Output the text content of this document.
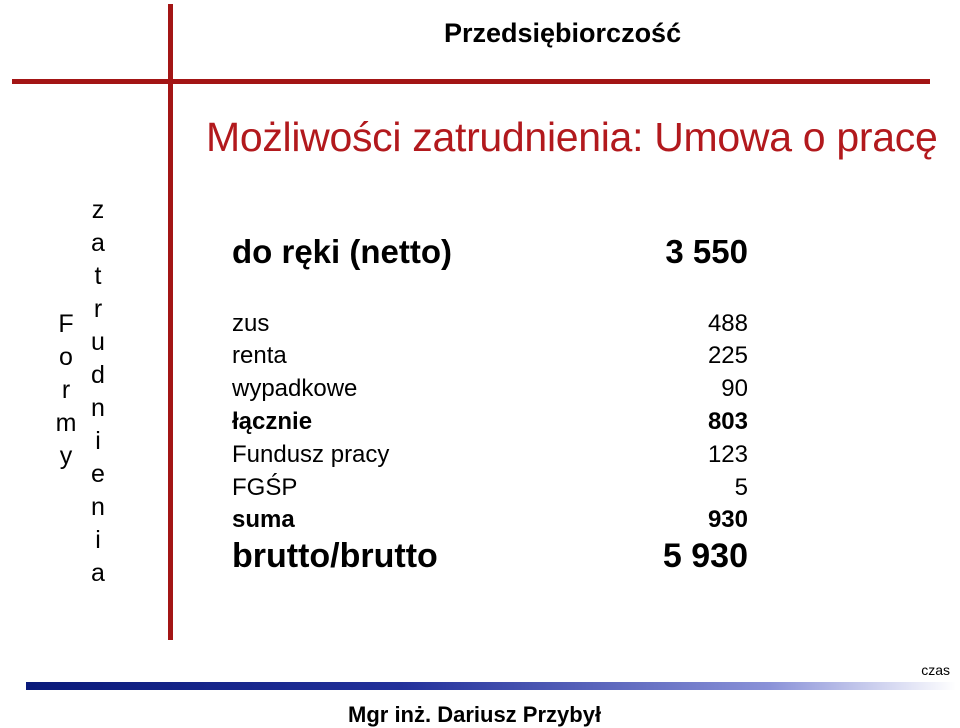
Przedsiębiorczość
Możliwości zatrudnienia: Umowa o pracę
F
o
r
m
y
z
a
t
r
u
d
n
i
e
n
i
a
do ręki (netto)	3 550
zus	488
renta	225
wypadkowe	90
łącznie	803
Fundusz pracy	123
FGŚP	5
suma	930
brutto/brutto	5 930
czas
Mgr inż. Dariusz Przybył
